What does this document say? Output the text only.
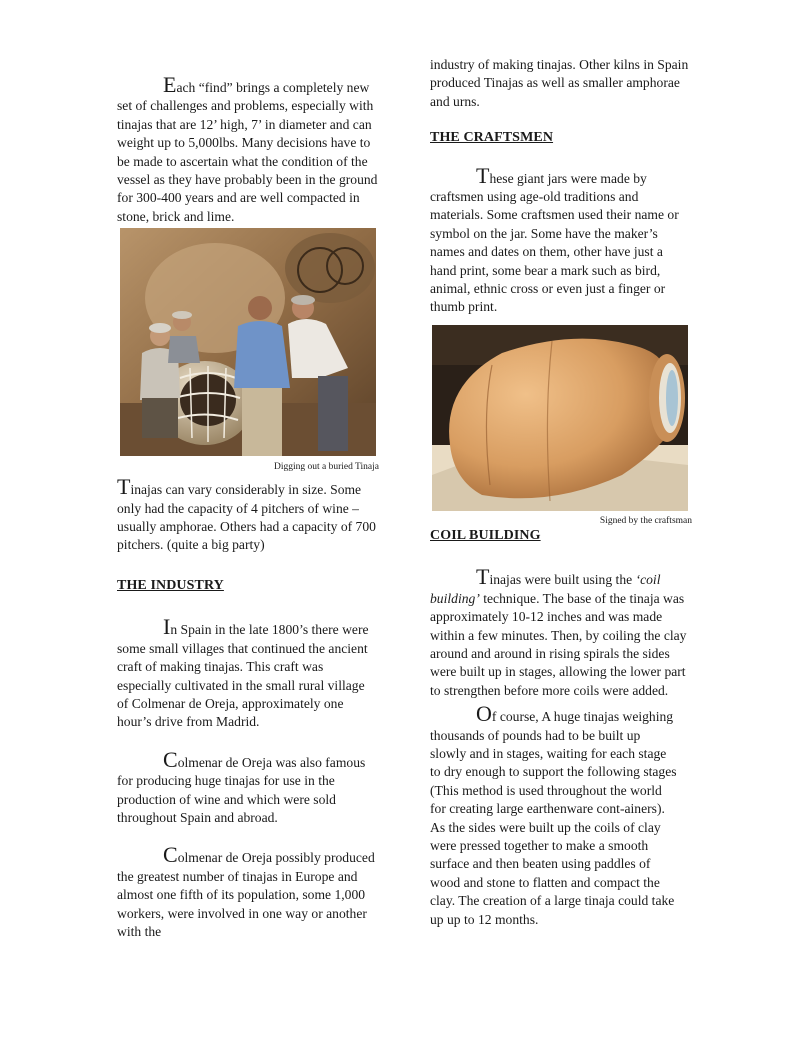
Each “find” brings a completely new set of challenges and problems, especially with tinajas that are 12’ high, 7’ in diameter and can weight up to 5,000lbs. Many decisions have to be made to ascertain what the condition of the vessel as they have probably been in the ground for 300-400 years and are well compacted in stone, brick and lime.

Digging out a buried Tinaja

Tinajas can vary considerably in size. Some only had the capacity of 4 pitchers of wine – usually amphorae. Others had a capacity of 700 pitchers. (quite a big party)

THE INDUSTRY

In Spain in the late 1800’s there were some small villages that continued the ancient craft of making tinajas. This craft was especially cultivated in the small rural village of Colmenar de Oreja, approximately one hour’s drive from Madrid.

Colmenar de Oreja was also famous for producing huge tinajas for use in the production of wine and which were sold throughout Spain and abroad.

Colmenar de Oreja possibly produced the greatest number of tinajas in Europe and almost one fifth of its population, some 1,000 workers, were involved in one way or another with the

industry of making tinajas. Other kilns in Spain produced Tinajas as well as smaller amphorae and urns.

THE CRAFTSMEN

These giant jars were made by craftsmen using age-old traditions and materials. Some craftsmen used their name or symbol on the jar. Some have the maker’s names and dates on them, other have just a hand print, some bear a mark such as bird, animal, ethnic cross or even just a finger or thumb print.

Signed by the craftsman

COIL BUILDING

Tinajas were built using the ‘coil building’ technique. The base of the tinaja was approximately 10-12 inches and was made within a few minutes. Then, by coiling the clay around and around in rising spirals the sides were built up in stages, allowing the lower part to strengthen before more coils were added.

Of course, A huge tinajas weighing thousands of pounds had to be built up slowly and in stages, waiting for each stage to dry enough to support the following stages (This method is used throughout the world for creating large earthenware cont-ainers). As the sides were built up the coils of clay were pressed together to make a smooth surface and then beaten using paddles of wood and stone to flatten and compact the clay. The creation of a large tinaja could take up up to 12 months.
